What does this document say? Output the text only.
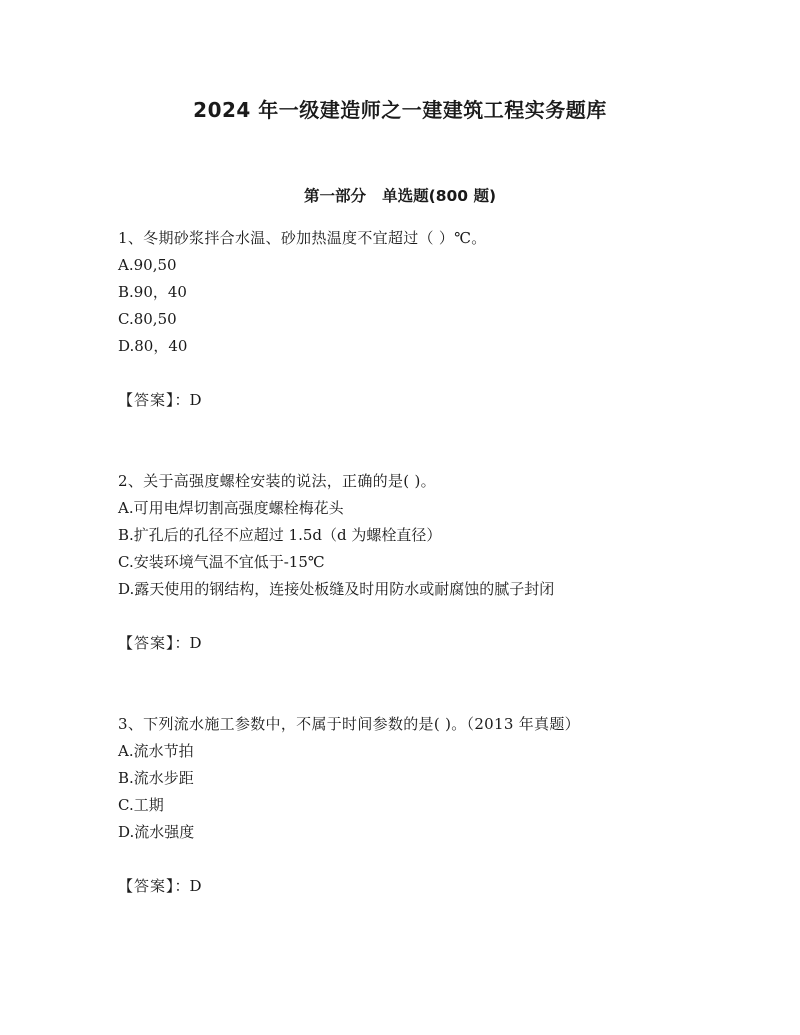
2024 年一级建造师之一建建筑工程实务题库
第一部分   单选题(800 题)
1、冬期砂浆拌合水温、砂加热温度不宜超过（ ）℃。
A.90,50
B.90，40
C.80,50
D.80，40
【答案】：D
2、关于高强度螺栓安装的说法，正确的是( )。
A.可用电焊切割高强度螺栓梅花头
B.扩孔后的孔径不应超过 1.5d（d 为螺栓直径）
C.安装环境气温不宜低于-15℃
D.露天使用的钢结构，连接处板缝及时用防水或耐腐蚀的腻子封闭
【答案】：D
3、下列流水施工参数中，不属于时间参数的是( )。（2013 年真题）
A.流水节拍
B.流水步距
C.工期
D.流水强度
【答案】：D
